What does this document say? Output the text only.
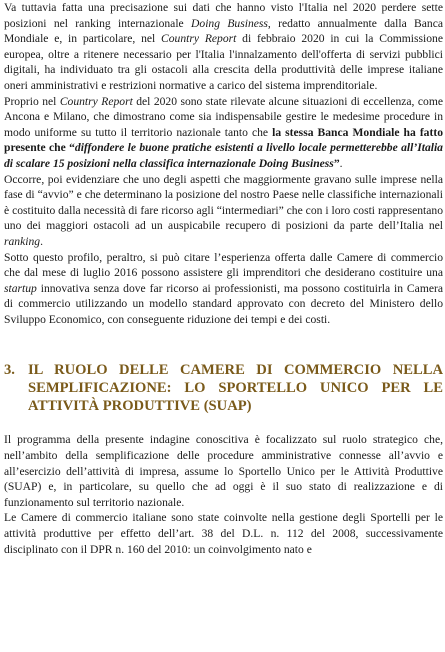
Va tuttavia fatta una precisazione sui dati che hanno visto l'Italia nel 2020 perdere sette posizioni nel ranking internazionale Doing Business, redatto annualmente dalla Banca Mondiale e, in particolare, nel Country Report di febbraio 2020 in cui la Commissione europea, oltre a ritenere necessario per l'Italia l'innalzamento dell'offerta di servizi pubblici digitali, ha individuato tra gli ostacoli alla crescita della produttività delle imprese italiane oneri amministrativi e restrizioni normative a carico del sistema imprenditoriale.

Proprio nel Country Report del 2020 sono state rilevate alcune situazioni di eccellenza, come Ancona e Milano, che dimostrano come sia indispensabile gestire le medesime procedure in modo uniforme su tutto il territorio nazionale tanto che la stessa Banca Mondiale ha fatto presente che “diffondere le buone pratiche esistenti a livello locale permetterebbe all’Italia di scalare 15 posizioni nella classifica internazionale Doing Business”.

Occorre, poi evidenziare che uno degli aspetti che maggiormente gravano sulle imprese nella fase di “avvio” e che determinano la posizione del nostro Paese nelle classifiche internazionali è costituito dalla necessità di fare ricorso agli “intermediari” che con i loro costi rappresentano uno dei maggiori ostacoli ad un auspicabile recupero di posizioni da parte dell’Italia nel ranking.

Sotto questo profilo, peraltro, si può citare l’esperienza offerta dalle Camere di commercio che dal mese di luglio 2016 possono assistere gli imprenditori che desiderano costituire una startup innovativa senza dove far ricorso ai professionisti, ma possono costituirla in Camera di commercio utilizzando un modello standard approvato con decreto del Ministero dello Sviluppo Economico, con conseguente riduzione dei tempi e dei costi.

3. IL RUOLO DELLE CAMERE DI COMMERCIO NELLA SEMPLIFICAZIONE: LO SPORTELLO UNICO PER LE ATTIVITÀ PRODUTTIVE (SUAP)

Il programma della presente indagine conoscitiva è focalizzato sul ruolo strategico che, nell’ambito della semplificazione delle procedure amministrative connesse all’avvio e all’esercizio dell’attività di impresa, assume lo Sportello Unico per le Attività Produttive (SUAP) e, in particolare, su quello che ad oggi è il suo stato di realizzazione e di funzionamento sul territorio nazionale.

Le Camere di commercio italiane sono state coinvolte nella gestione degli Sportelli per le attività produttive per effetto dell’art. 38 del D.L. n. 112 del 2008, successivamente disciplinato con il DPR n. 160 del 2010: un coinvolgimento nato e
